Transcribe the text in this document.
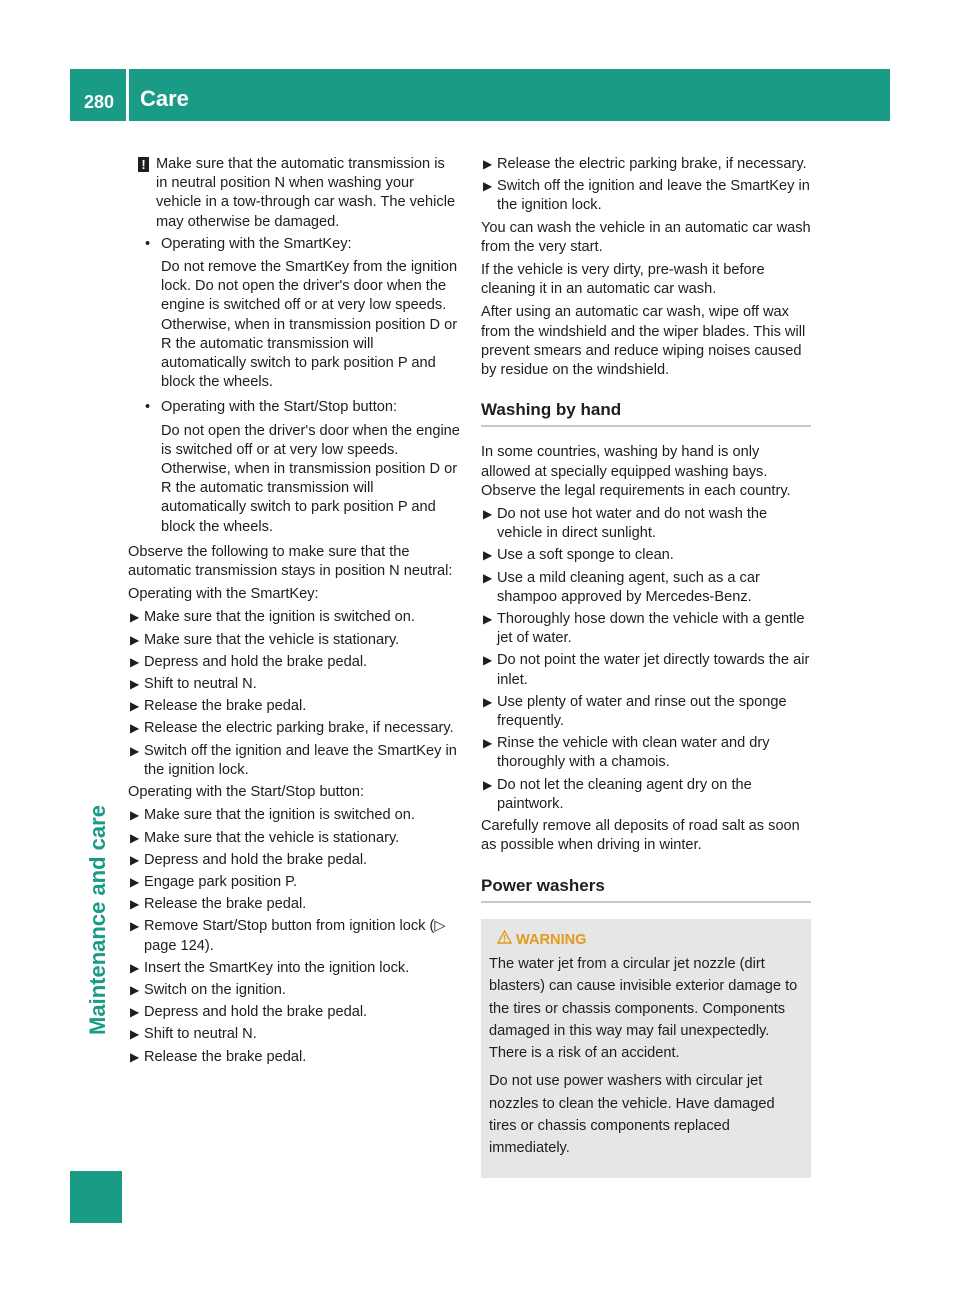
280 Care
Maintenance and care
! Make sure that the automatic transmission is in neutral position N when washing your vehicle in a tow-through car wash. The vehicle may otherwise be damaged.
• Operating with the SmartKey:
Do not remove the SmartKey from the ignition lock. Do not open the driver's door when the engine is switched off or at very low speeds. Otherwise, when in transmission position D or R the automatic transmission will automatically switch to park position P and block the wheels.
• Operating with the Start/Stop button:
Do not open the driver's door when the engine is switched off or at very low speeds. Otherwise, when in transmission position D or R the automatic transmission will automatically switch to park position P and block the wheels.

Observe the following to make sure that the automatic transmission stays in position N neutral:

Operating with the SmartKey:

▶ Make sure that the ignition is switched on.
▶ Make sure that the vehicle is stationary.
▶ Depress and hold the brake pedal.
▶ Shift to neutral N.
▶ Release the brake pedal.
▶ Release the electric parking brake, if necessary.
▶ Switch off the ignition and leave the SmartKey in the ignition lock.

Operating with the Start/Stop button:

▶ Make sure that the ignition is switched on.
▶ Make sure that the vehicle is stationary.
▶ Depress and hold the brake pedal.
▶ Engage park position P.
▶ Release the brake pedal.
▶ Remove Start/Stop button from ignition lock (▷ page 124).
▶ Insert the SmartKey into the ignition lock.
▶ Switch on the ignition.
▶ Depress and hold the brake pedal.
▶ Shift to neutral N.
▶ Release the brake pedal.
▶ Release the electric parking brake, if necessary.
▶ Switch off the ignition and leave the SmartKey in the ignition lock.

You can wash the vehicle in an automatic car wash from the very start.

If the vehicle is very dirty, pre-wash it before cleaning it in an automatic car wash.

After using an automatic car wash, wipe off wax from the windshield and the wiper blades. This will prevent smears and reduce wiping noises caused by residue on the windshield.

Washing by hand

In some countries, washing by hand is only allowed at specially equipped washing bays. Observe the legal requirements in each country.

▶ Do not use hot water and do not wash the vehicle in direct sunlight.
▶ Use a soft sponge to clean.
▶ Use a mild cleaning agent, such as a car shampoo approved by Mercedes-Benz.
▶ Thoroughly hose down the vehicle with a gentle jet of water.
▶ Do not point the water jet directly towards the air inlet.
▶ Use plenty of water and rinse out the sponge frequently.
▶ Rinse the vehicle with clean water and dry thoroughly with a chamois.
▶ Do not let the cleaning agent dry on the paintwork.

Carefully remove all deposits of road salt as soon as possible when driving in winter.

Power washers
WARNING

The water jet from a circular jet nozzle (dirt blasters) can cause invisible exterior damage to the tires or chassis components. Components damaged in this way may fail unexpectedly. There is a risk of an accident.

Do not use power washers with circular jet nozzles to clean the vehicle. Have damaged tires or chassis components replaced immediately.
